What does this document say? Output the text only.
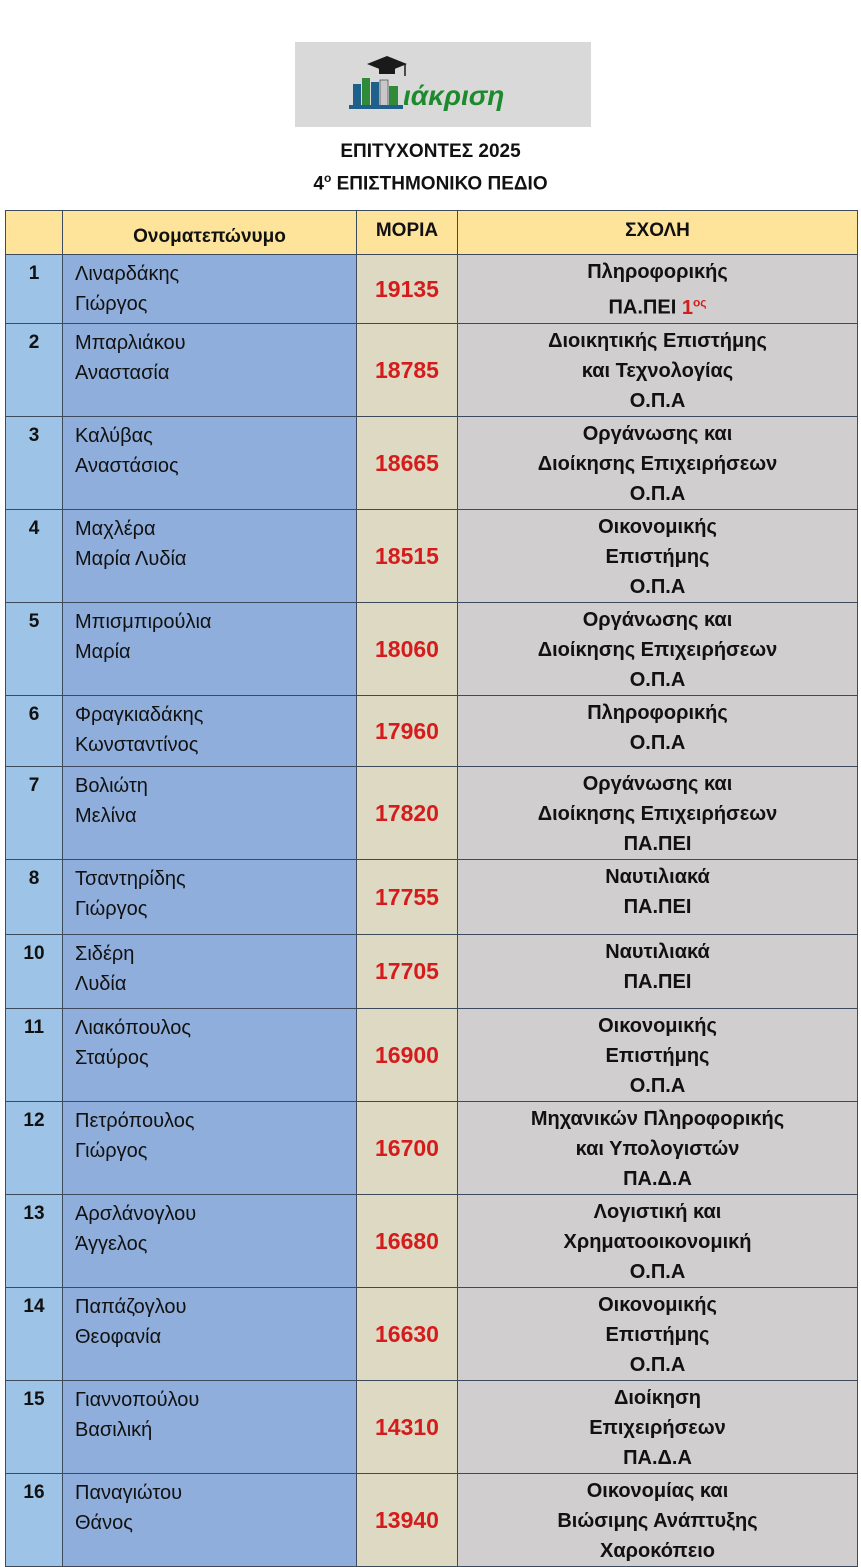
ιάκριση
ΕΠΙΤΥΧΟΝΤΕΣ 2025
$4^o$ ΕΠΙΣΤΗΜΟΝΙΚΟ ΠΕΔΙΟ
	Ονοματεπώνυμο	ΜΟΡΙΑ	ΣΧΟΛΗ
1	Λιναρδάκης
Γιώργος	19135	Πληροφορικής
ΠΑ.ΠΕΙ $1^{o\varsigma}$

2	Μπαρλιάκου
Αναστασία	18785	Διοικητικής Επιστήμης
και Τεχνολογίας
Ο.Π.Α

3	Καλύβας
Αναστάσιος	18665	Οργάνωσης και
Διοίκησης Επιχειρήσεων
Ο.Π.Α

4	Μαχλέρα
Μαρία Λυδία	18515	Οικονομικής
Επιστήμης
Ο.Π.Α

5	Μπισμπιρούλια
Μαρία	18060	Οργάνωσης και
Διοίκησης Επιχειρήσεων
Ο.Π.Α

6	Φραγκιαδάκης
Κωνσταντίνος	17960	Πληροφορικής
Ο.Π.Α

7	Βολιώτη
Μελίνα	17820	Οργάνωσης και
Διοίκησης Επιχειρήσεων
ΠΑ.ΠΕΙ

8	Τσαντηρίδης
Γιώργος	17755	Ναυτιλιακά
ΠΑ.ΠΕΙ

10	Σιδέρη
Λυδία	17705	Ναυτιλιακά
ΠΑ.ΠΕΙ

11	Λιακόπουλος
Σταύρος	16900	Οικονομικής
Επιστήμης
Ο.Π.Α

12	Πετρόπουλος
Γιώργος	16700	Μηχανικών Πληροφορικής
και Υπολογιστών
ΠΑ.Δ.Α

13	Αρσλάνογλου
Άγγελος	16680	Λογιστική και
Χρηματοοικονομική
Ο.Π.Α

14	Παπάζογλου
Θεοφανία	16630	Οικονομικής
Επιστήμης
Ο.Π.Α

15	Γιαννοπούλου
Βασιλική	14310	Διοίκηση
Επιχειρήσεων
ΠΑ.Δ.Α

16	Παναγιώτου
Θάνος	13940	Οικονομίας και
Βιώσιμης Ανάπτυξης
Χαροκόπειο
